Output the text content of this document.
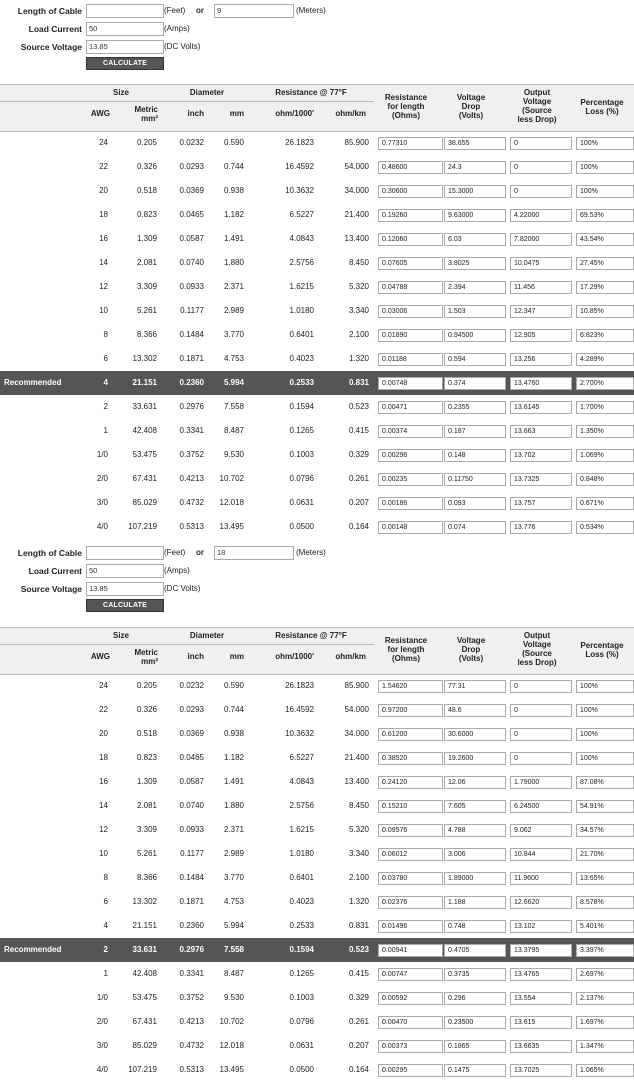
Length of Cable	(Feet) or	9	(Meters)
Load Current 50	(Amps)
Source Voltage 13.85	(DC Volts)
CALCULATE
Size	Diameter	Resistance @ 77°F
AWG	Metric
mm²
inch	mm	ohm/1000'	ohm/km
Resistance
for length
(Ohms)
Voltage
Drop
(Volts)
Output
Voltage
(Source
less Drop)
Percentage
Loss (%)
24	0.205	0.0232 0.590	26.1823	85.900	0.77310	38.655	0	100%
22	0.326	0.0293 0.744	16.4592	54.000	0.48600	24.3	0	100%
20	0.518	0.0369 0.938	10.3632	34.000	0.30600	15.3000	0	100%
18	0.823	0.0465 1.182	6.5227	21.400	0.19260	9.63000	4.22000	69.53%
16	1.309	0.0587 1.491	4.0843	13.400	0.12060	6.03	7.82000	43.54%
14	2.081	0.0740 1.880	2.5756	8.450	0.07605	3.8025	10.0475	27.45%
12	3.309	0.0933 2.371	1.6215	5.320	0.04788	2.394	11.456	17.29%
10	5.261	0.1177 2.989	1.0180	3.340	0.03006	1.503	12.347	10.85%
8	8.366	0.1484 3.770	0.6401	2.100	0.01890	0.94500	12.905	6.823%
6	13.302	0.1871 4.753	0.4023	1.320	0.01188	0.594	13.256	4.289%
Recommended	4	21.151	0.2360 5.994	0.2533	0.831	0.00748	0.374	13.4760	2.700%
2	33.631	0.2976 7.558	0.1594	0.523	0.00471	0.2355	13.6145	1.700%
1	42.408	0.3341 8.487	0.1265	0.415	0.00374	0.187	13.663	1.350%
1/0	53.475	0.3752 9.530	0.1003	0.329	0.00296	0.148	13.702	1.069%
2/0	67.431	0.4213 10.702	0.0796	0.261	0.00235	0.11750	13.7325	0.848%
3/0	85.029	0.4732 12.018	0.0631	0.207	0.00186	0.093	13.757	0.671%
4/0	107.219	0.5313 13.495	0.0500	0.164	0.00148	0.074	13.776	0.534%
Length of Cable	(Feet) or	18	(Meters)
Load Current 50	(Amps)
Source Voltage 13.85	(DC Volts)
CALCULATE
Size	Diameter	Resistance @ 77°F
AWG	Metric
mm²
inch	mm	ohm/1000'	ohm/km
Resistance
for length
(Ohms)
Voltage
Drop
(Volts)
Output
Voltage
(Source
less Drop)
Percentage
Loss (%)
24	0.205	0.0232 0.590	26.1823	85.900	1.54620	77.31	0	100%
22	0.326	0.0293 0.744	16.4592	54.000	0.97200	48.6	0	100%
20	0.518	0.0369 0.938	10.3632	34.000	0.61200	30.6000	0	100%
18	0.823	0.0465 1.182	6.5227	21.400	0.38520	19.2600	0	100%
16	1.309	0.0587 1.491	4.0843	13.400	0.24120	12.06	1.79000	87.08%
14	2.081	0.0740 1.880	2.5756	8.450	0.15210	7.605	6.24500	54.91%
12	3.309	0.0933 2.371	1.6215	5.320	0.09576	4.788	9.062	34.57%
10	5.261	0.1177 2.989	1.0180	3.340	0.06012	3.006	10.844	21.70%
8	8.366	0.1484 3.770	0.6401	2.100	0.03780	1.89000	11.9600	13.65%
6	13.302	0.1871 4.753	0.4023	1.320	0.02376	1.188	12.6620	8.578%
4	21.151	0.2360 5.994	0.2533	0.831	0.01496	0.748	13.102	5.401%
Recommended	2	33.631	0.2976 7.558	0.1594	0.523	0.00941	0.4705	13.3795	3.397%
1	42.408	0.3341 8.487	0.1265	0.415	0.00747	0.3735	13.4765	2.697%
1/0	53.475	0.3752 9.530	0.1003	0.329	0.00592	0.296	13.554	2.137%
2/0	67.431	0.4213 10.702	0.0796	0.261	0.00470	0.23500	13.615	1.697%
3/0	85.029	0.4732 12.018	0.0631	0.207	0.00373	0.1865	13.6635	1.347%
4/0	107.219	0.5313 13.495	0.0500	0.164	0.00295	0.1475	13.7025	1.065%
